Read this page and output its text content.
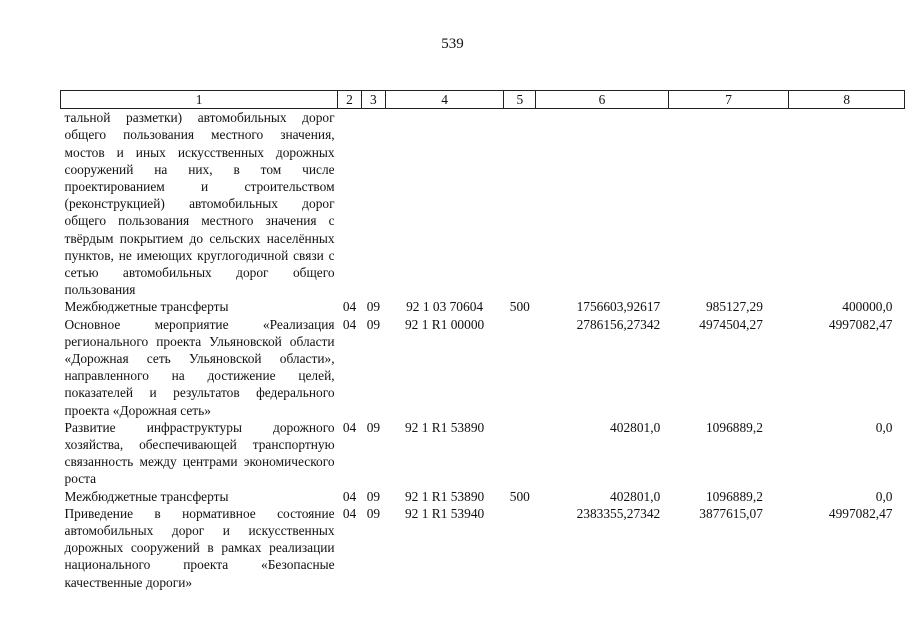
539
1	2	3	4	5	6	7	8
тальной разметки) автомобильных дорог общего пользования местного значения, мостов и иных искусственных дорожных сооружений на них, в том числе проектированием и строительством (реконструкцией) автомобильных дорог общего пользования местного значения с твёрдым покрытием до сельских населённых пунктов, не имеющих круглогодичной связи с сетью автомобильных дорог общего пользования							
Межбюджетные трансферты	04	09	92 1 03 70604	500	1756603,92617	985127,29	400000,0
Основное мероприятие «Реализация регионального проекта Ульяновской области «Дорожная сеть Ульяновской области», направленного на достижение целей, показателей и результатов федерального проекта «Дорожная сеть»	04	09	92 1 R1 00000		2786156,27342	4974504,27	4997082,47
Развитие инфраструктуры дорожного хозяйства, обеспечивающей транспортную связанность между центрами экономического роста	04	09	92 1 R1 53890		402801,0	1096889,2	0,0
Межбюджетные трансферты	04	09	92 1 R1 53890	500	402801,0	1096889,2	0,0
Приведение в нормативное состояние автомобильных дорог и искусственных дорожных сооружений в рамках реализации национального проекта «Безопасные качественные дороги»	04	09	92 1 R1 53940		2383355,27342	3877615,07	4997082,47
